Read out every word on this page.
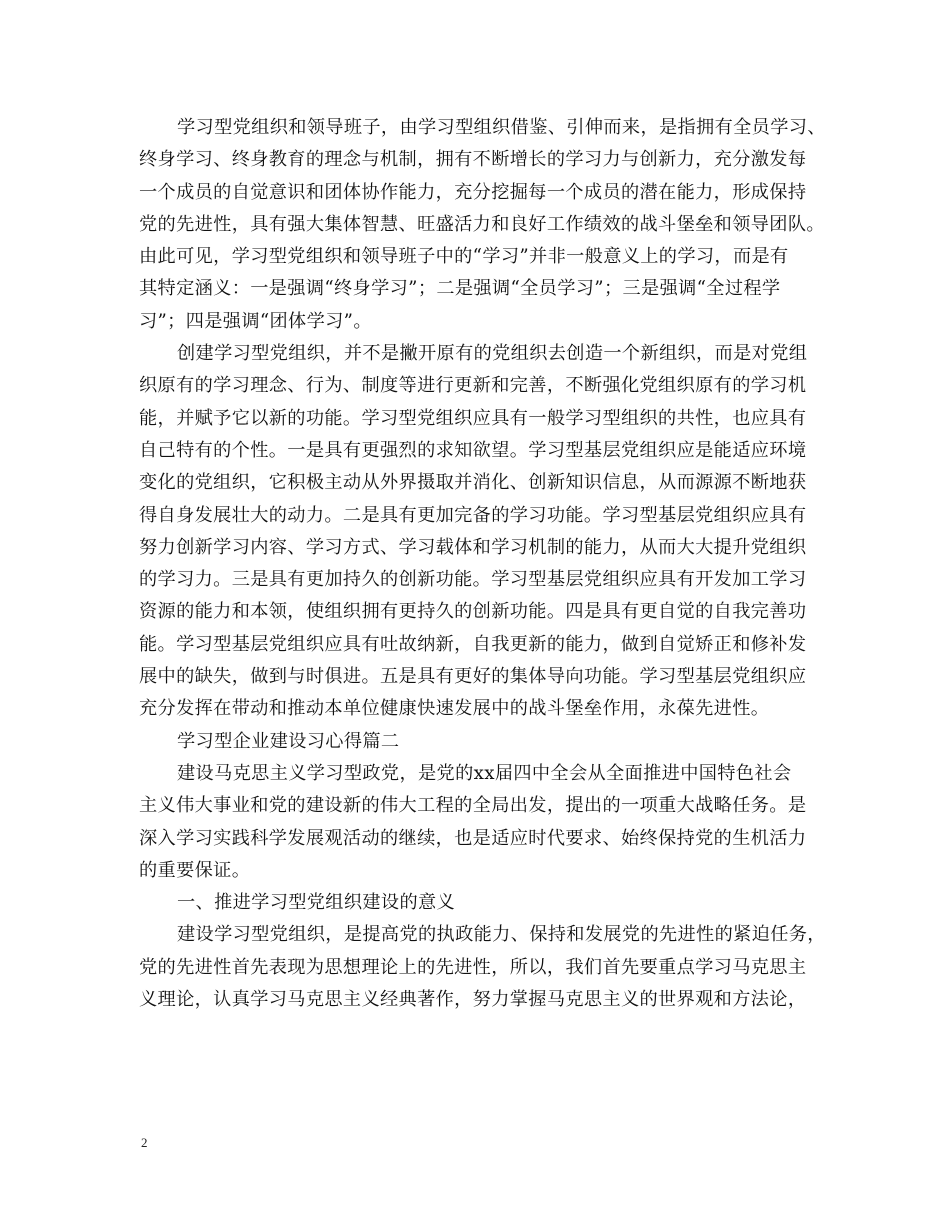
学习型党组织和领导班子，由学习型组织借鉴、引伸而来，是指拥有全员学习、
终身学习、终身教育的理念与机制，拥有不断增长的学习力与创新力，充分激发每
一个成员的自觉意识和团体协作能力，充分挖掘每一个成员的潜在能力，形成保持
党的先进性，具有强大集体智慧、旺盛活力和良好工作绩效的战斗堡垒和领导团队。
由此可见，学习型党组织和领导班子中的“学习”并非一般意义上的学习，而是有
其特定涵义：一是强调“终身学习”；二是强调“全员学习”；三是强调“全过程学
习”；四是强调“团体学习”。
创建学习型党组织，并不是撇开原有的党组织去创造一个新组织，而是对党组
织原有的学习理念、行为、制度等进行更新和完善，不断强化党组织原有的学习机
能，并赋予它以新的功能。学习型党组织应具有一般学习型组织的共性，也应具有
自己特有的个性。一是具有更强烈的求知欲望。学习型基层党组织应是能适应环境
变化的党组织，它积极主动从外界摄取并消化、创新知识信息，从而源源不断地获
得自身发展壮大的动力。二是具有更加完备的学习功能。学习型基层党组织应具有
努力创新学习内容、学习方式、学习载体和学习机制的能力，从而大大提升党组织
的学习力。三是具有更加持久的创新功能。学习型基层党组织应具有开发加工学习
资源的能力和本领，使组织拥有更持久的创新功能。四是具有更自觉的自我完善功
能。学习型基层党组织应具有吐故纳新，自我更新的能力，做到自觉矫正和修补发
展中的缺失，做到与时俱进。五是具有更好的集体导向功能。学习型基层党组织应
充分发挥在带动和推动本单位健康快速发展中的战斗堡垒作用，永葆先进性。
学习型企业建设习心得篇二
建设马克思主义学习型政党，是党的xx届四中全会从全面推进中国特色社会
主义伟大事业和党的建设新的伟大工程的全局出发，提出的一项重大战略任务。是
深入学习实践科学发展观活动的继续，也是适应时代要求、始终保持党的生机活力
的重要保证。
一、推进学习型党组织建设的意义
建设学习型党组织，是提高党的执政能力、保持和发展党的先进性的紧迫任务，
党的先进性首先表现为思想理论上的先进性，所以，我们首先要重点学习马克思主
义理论，认真学习马克思主义经典著作，努力掌握马克思主义的世界观和方法论，
2
